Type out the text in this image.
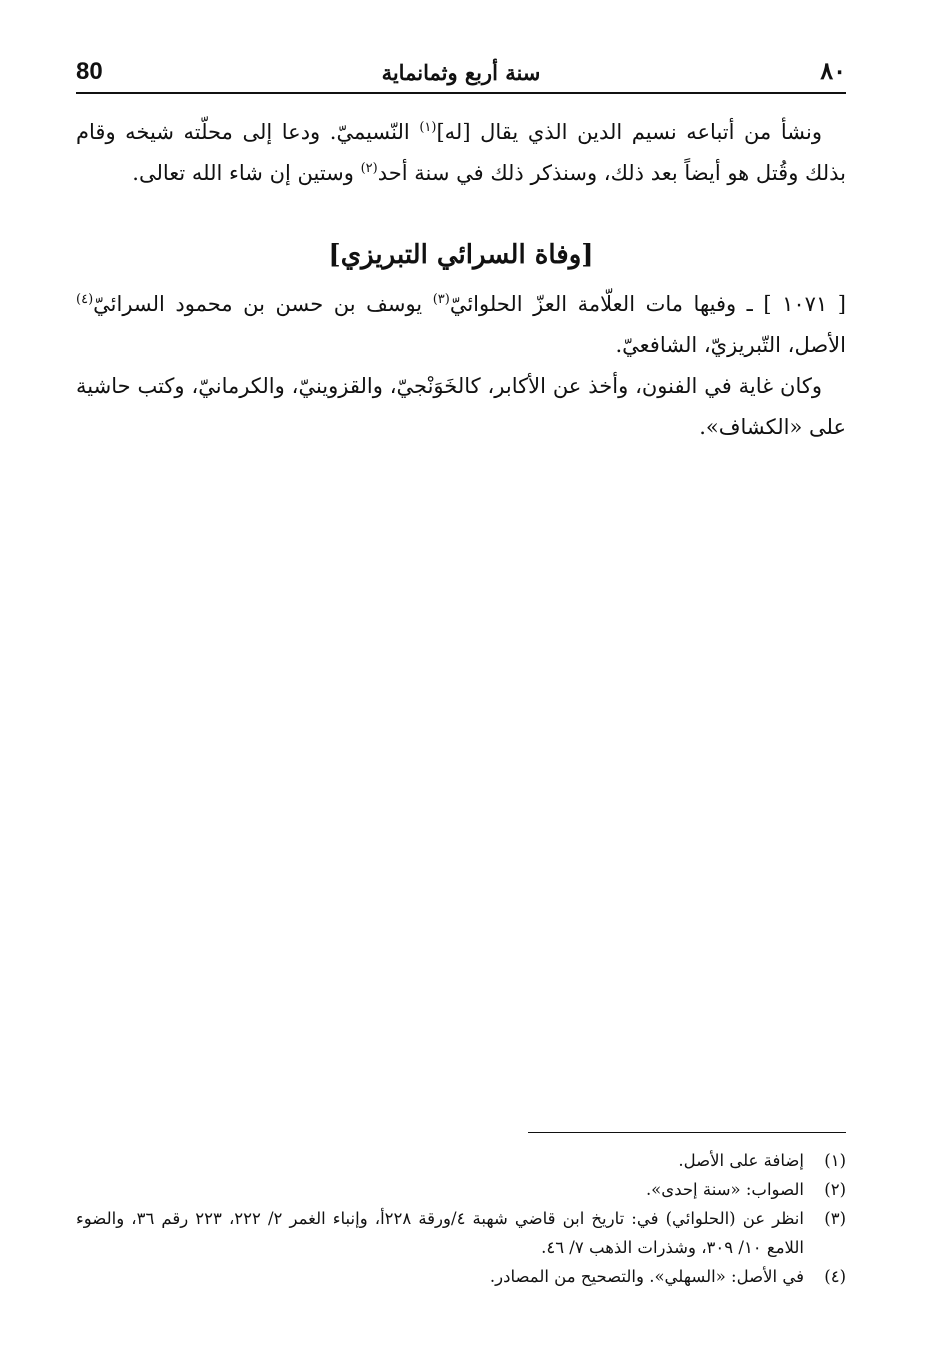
80	سنة أربع وثمانماية	٨٠

ونشأ من أتباعه نسيم الدين الذي يقال [له]$^{(١)}$ النّسيميّ. ودعا إلى محلّته شيخه وقام بذلك وقُتل هو أيضاً بعد ذلك، وسنذكر ذلك في سنة أحد$^{(٢)}$ وستين إن شاء الله تعالى.

[وفاة السرائي التبريزي]

[ ١٠٧١ ] ـ وفيها مات العلّامة العزّ الحلوائيّ$^{(٣)}$ يوسف بن حسن بن محمود السرائيّ$^{(٤)}$ الأصل، التّبريزيّ، الشافعيّ.

وكان غاية في الفنون، وأخذ عن الأكابر، كالخَوَنْجيّ، والقزوينيّ، والكرمانيّ، وكتب حاشية على «الكشاف».

(١)
إضافة على الأصل.
(٢)
الصواب: «سنة إحدى».
(٣)
انظر عن (الحلوائي) في: تاريخ ابن قاضي شهبة ٤/ورقة ٢٢٨أ، وإنباء الغمر ٢/ ٢٢٢، ٢٢٣ رقم ٣٦، والضوء اللامع ١٠/ ٣٠٩، وشذرات الذهب ٧/ ٤٦.
(٤)
في الأصل: «السهلي». والتصحيح من المصادر.
